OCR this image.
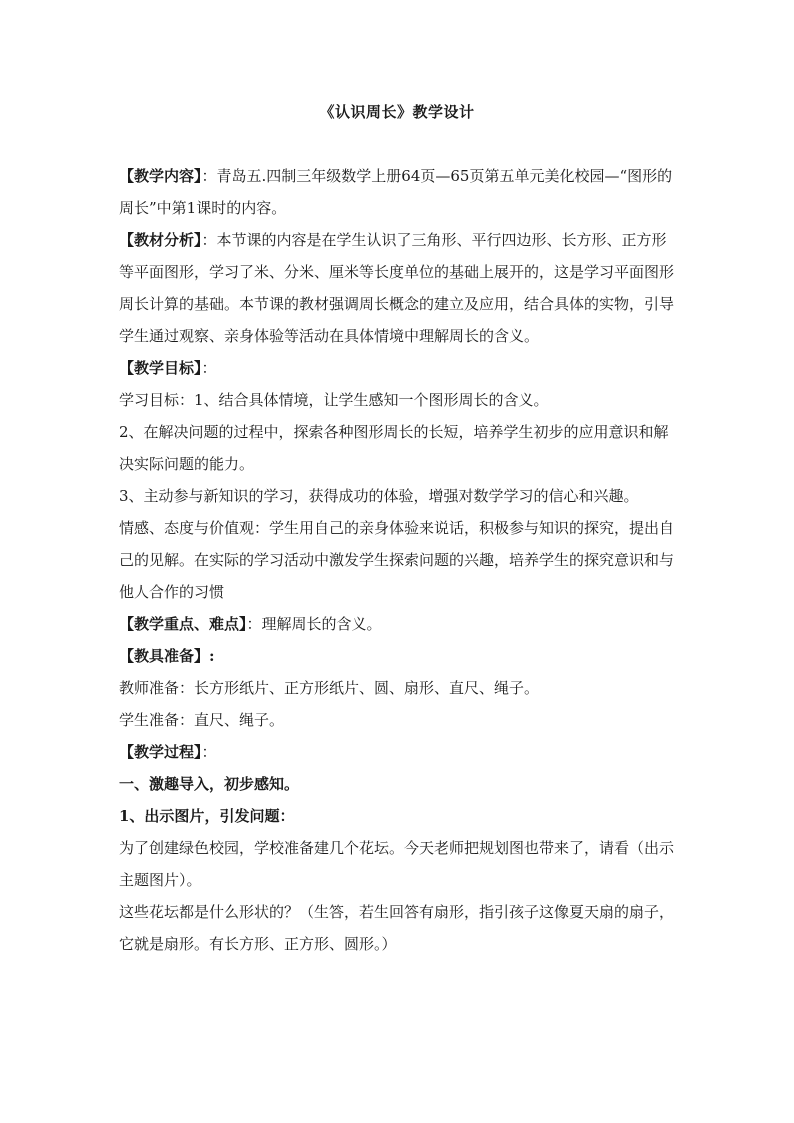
《认识周长》教学设计

【教学内容】：青岛五.四制三年级数学上册64页—65页第五单元美化校园—“图形的周长”中第1课时的内容。

【教材分析】：本节课的内容是在学生认识了三角形、平行四边形、长方形、正方形等平面图形，学习了米、分米、厘米等长度单位的基础上展开的，这是学习平面图形周长计算的基础。本节课的教材强调周长概念的建立及应用，结合具体的实物，引导学生通过观察、亲身体验等活动在具体情境中理解周长的含义。

【教学目标】：

学习目标：1、结合具体情境，让学生感知一个图形周长的含义。

2、在解决问题的过程中，探索各种图形周长的长短，培养学生初步的应用意识和解决实际问题的能力。

3、主动参与新知识的学习，获得成功的体验，增强对数学学习的信心和兴趣。

情感、态度与价值观：学生用自己的亲身体验来说话，积极参与知识的探究，提出自己的见解。在实际的学习活动中激发学生探索问题的兴趣，培养学生的探究意识和与他人合作的习惯

【教学重点、难点】：理解周长的含义。

【教具准备】:

教师准备：长方形纸片、正方形纸片、圆、扇形、直尺、绳子。

学生准备：直尺、绳子。

【教学过程】：

一、激趣导入，初步感知。

1、出示图片，引发问题：

为了创建绿色校园，学校准备建几个花坛。今天老师把规划图也带来了，请看（出示主题图片）。

这些花坛都是什么形状的？（生答，若生回答有扇形，指引孩子这像夏天扇的扇子，它就是扇形。有长方形、正方形、圆形。）
